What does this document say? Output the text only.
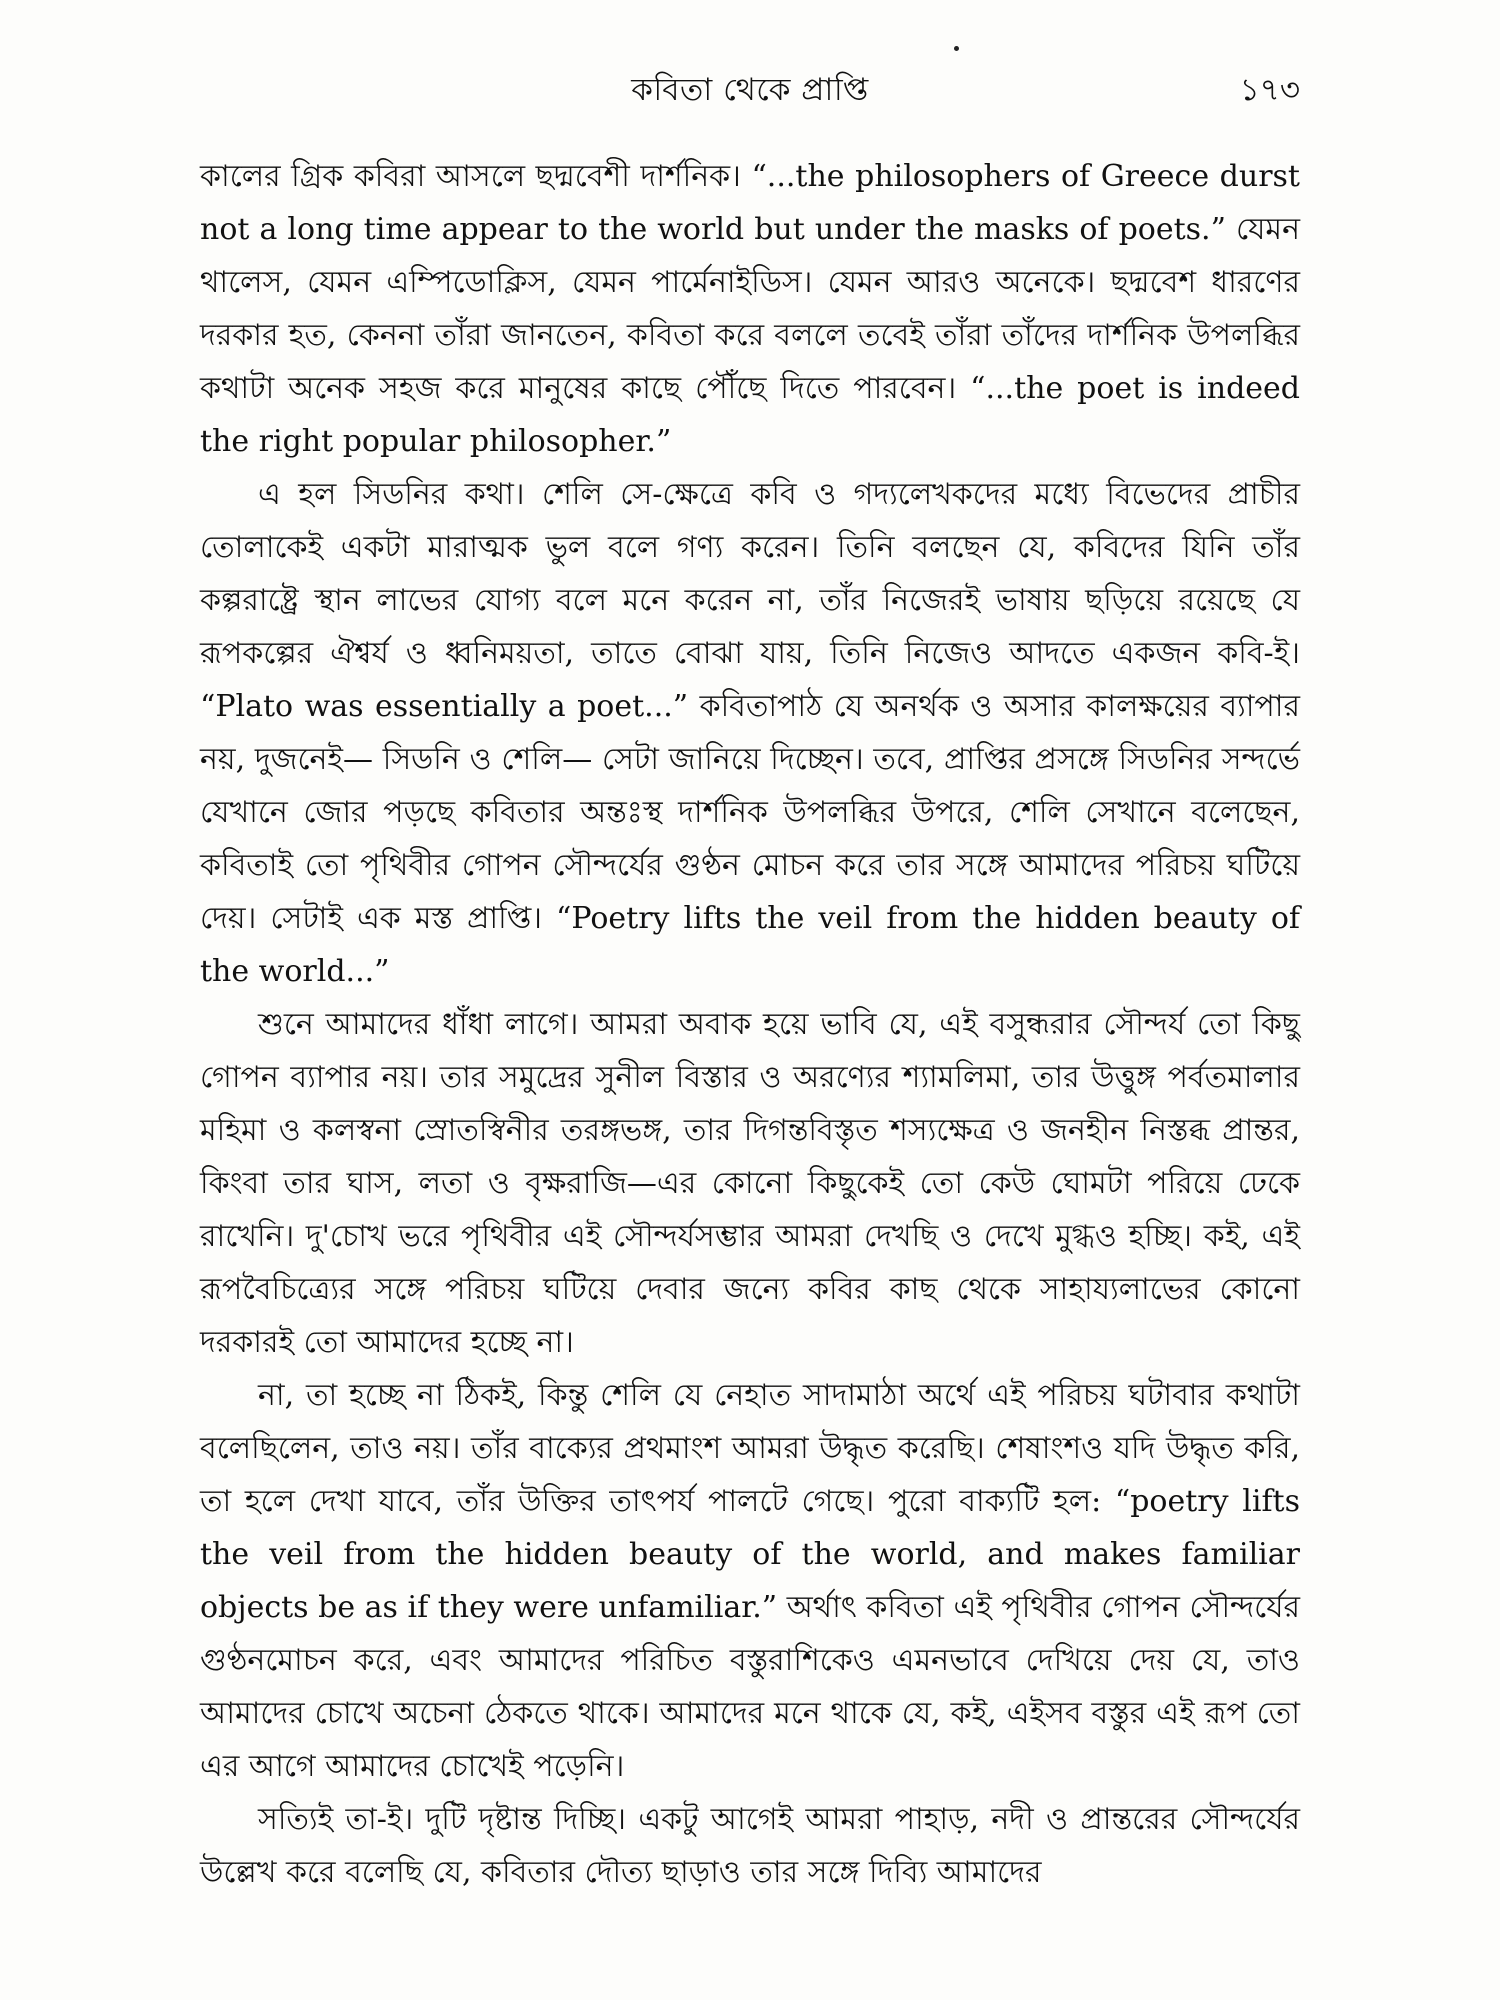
কবিতা থেকে প্রাপ্তি	১৭৩

কালের গ্রিক কবিরা আসলে ছদ্মবেশী দার্শনিক। “...the philosophers of Greece durst not a long time appear to the world but under the masks of poets.” যেমন থালেস, যেমন এম্পিডোক্লিস, যেমন পার্মেনাইডিস। যেমন আরও অনেকে। ছদ্মবেশ ধারণের দরকার হত, কেননা তাঁরা জানতেন, কবিতা করে বললে তবেই তাঁরা তাঁদের দার্শনিক উপলব্ধির কথাটা অনেক সহজ করে মানুষের কাছে পৌঁছে দিতে পারবেন। “...the poet is indeed the right popular philosopher.”

এ হল সিডনির কথা। শেলি সে-ক্ষেত্রে কবি ও গদ্যলেখকদের মধ্যে বিভেদের প্রাচীর তোলাকেই একটা মারাত্মক ভুল বলে গণ্য করেন। তিনি বলছেন যে, কবিদের যিনি তাঁর কল্পরাষ্ট্রে স্থান লাভের যোগ্য বলে মনে করেন না, তাঁর নিজেরই ভাষায় ছড়িয়ে রয়েছে যে রূপকল্পের ঐশ্বর্য ও ধ্বনিময়তা, তাতে বোঝা যায়, তিনি নিজেও আদতে একজন কবি-ই। “Plato was essentially a poet...” কবিতাপাঠ যে অনর্থক ও অসার কালক্ষয়ের ব্যাপার নয়, দুজনেই— সিডনি ও শেলি— সেটা জানিয়ে দিচ্ছেন। তবে, প্রাপ্তির প্রসঙ্গে সিডনির সন্দর্ভে যেখানে জোর পড়ছে কবিতার অন্তঃস্থ দার্শনিক উপলব্ধির উপরে, শেলি সেখানে বলেছেন, কবিতাই তো পৃথিবীর গোপন সৌন্দর্যের গুণ্ঠন মোচন করে তার সঙ্গে আমাদের পরিচয় ঘটিয়ে দেয়। সেটাই এক মস্ত প্রাপ্তি। “Poetry lifts the veil from the hidden beauty of the world...”

শুনে আমাদের ধাঁধা লাগে। আমরা অবাক হয়ে ভাবি যে, এই বসুন্ধরার সৌন্দর্য তো কিছু গোপন ব্যাপার নয়। তার সমুদ্রের সুনীল বিস্তার ও অরণ্যের শ্যামলিমা, তার উত্তুঙ্গ পর্বতমালার মহিমা ও কলস্বনা স্রোতস্বিনীর তরঙ্গভঙ্গ, তার দিগন্তবিস্তৃত শস্যক্ষেত্র ও জনহীন নিস্তব্ধ প্রান্তর, কিংবা তার ঘাস, লতা ও বৃক্ষরাজি—এর কোনো কিছুকেই তো কেউ ঘোমটা পরিয়ে ঢেকে রাখেনি। দু'চোখ ভরে পৃথিবীর এই সৌন্দর্যসম্ভার আমরা দেখছি ও দেখে মুগ্ধও হচ্ছি। কই, এই রূপবৈচিত্র্যের সঙ্গে পরিচয় ঘটিয়ে দেবার জন্যে কবির কাছ থেকে সাহায্যলাভের কোনো দরকারই তো আমাদের হচ্ছে না।

না, তা হচ্ছে না ঠিকই, কিন্তু শেলি যে নেহাত সাদামাঠা অর্থে এই পরিচয় ঘটাবার কথাটা বলেছিলেন, তাও নয়। তাঁর বাক্যের প্রথমাংশ আমরা উদ্ধৃত করেছি। শেষাংশও যদি উদ্ধৃত করি, তা হলে দেখা যাবে, তাঁর উক্তির তাৎপর্য পালটে গেছে। পুরো বাক্যটি হল: “poetry lifts the veil from the hidden beauty of the world, and makes familiar objects be as if they were unfamiliar.” অর্থাৎ কবিতা এই পৃথিবীর গোপন সৌন্দর্যের গুণ্ঠনমোচন করে, এবং আমাদের পরিচিত বস্তুরাশিকেও এমনভাবে দেখিয়ে দেয় যে, তাও আমাদের চোখে অচেনা ঠেকতে থাকে। আমাদের মনে থাকে যে, কই, এইসব বস্তুর এই রূপ তো এর আগে আমাদের চোখেই পড়েনি।

সত্যিই তা-ই। দুটি দৃষ্টান্ত দিচ্ছি। একটু আগেই আমরা পাহাড়, নদী ও প্রান্তরের সৌন্দর্যের উল্লেখ করে বলেছি যে, কবিতার দৌত্য ছাড়াও তার সঙ্গে দিব্যি আমাদের
